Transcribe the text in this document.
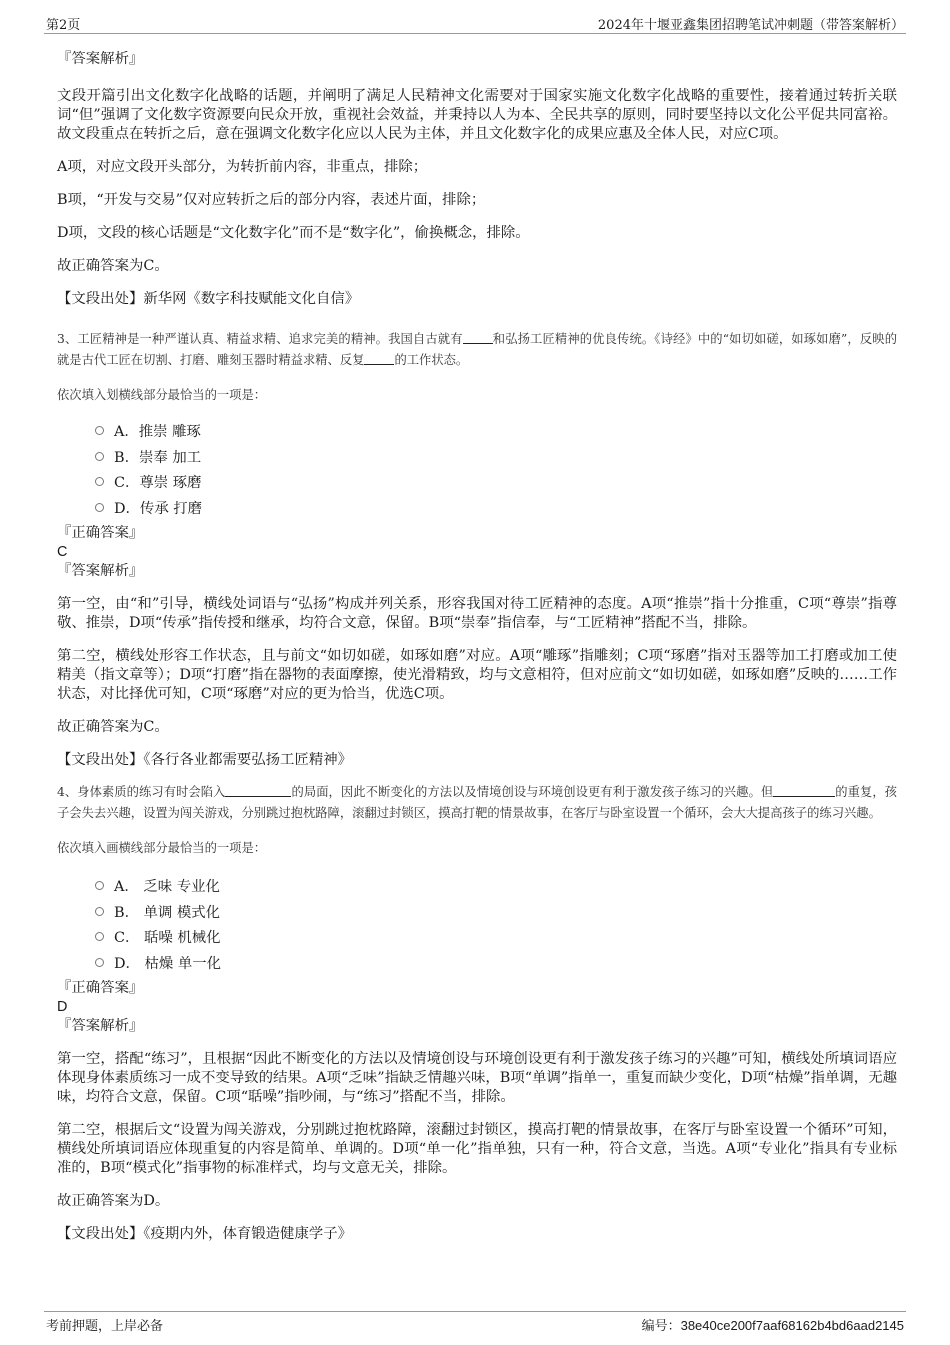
第2页	2024年十堰亚鑫集团招聘笔试冲刺题（带答案解析）
『答案解析』
文段开篇引出文化数字化战略的话题，并阐明了满足人民精神文化需要对于国家实施文化数字化战略的重要性，接着通过转折关联词“但”强调了文化数字资源要向民众开放，重视社会效益，并秉持以人为本、全民共享的原则，同时要坚持以文化公平促共同富裕。故文段重点在转折之后，意在强调文化数字化应以人民为主体，并且文化数字化的成果应惠及全体人民，对应C项。
A项，对应文段开头部分，为转折前内容，非重点，排除；
B项，“开发与交易”仅对应转折之后的部分内容，表述片面，排除；
D项，文段的核心话题是“文化数字化”而不是“数字化”，偷换概念，排除。
故正确答案为C。
【文段出处】新华网《数字科技赋能文化自信》
3、工匠精神是一种严谨认真、精益求精、追求完美的精神。我国自古就有 和弘扬工匠精神的优良传统。《诗经》中的“如切如磋，如琢如磨”，反映的就是古代工匠在切割、打磨、雕刻玉器时精益求精、反复 的工作状态。
依次填入划横线部分最恰当的一项是：
A．推崇 雕琢
B．崇奉 加工
C．尊崇 琢磨
D．传承 打磨
『正确答案』
C
『答案解析』
第一空，由“和”引导，横线处词语与“弘扬”构成并列关系，形容我国对待工匠精神的态度。A项“推崇”指十分推重，C项“尊崇”指尊敬、推崇，D项“传承”指传授和继承，均符合文意，保留。B项“崇奉”指信奉，与“工匠精神”搭配不当，排除。
第二空，横线处形容工作状态，且与前文“如切如磋，如琢如磨”对应。A项“雕琢”指雕刻；C项“琢磨”指对玉器等加工打磨或加工使精美（指文章等）；D项“打磨”指在器物的表面摩擦，使光滑精致，均与文意相符，但对应前文“如切如磋，如琢如磨”反映的……工作状态，对比择优可知，C项“琢磨”对应的更为恰当，优选C项。
故正确答案为C。
【文段出处】《各行各业都需要弘扬工匠精神》
4、身体素质的练习有时会陷入	的局面，因此不断变化的方法以及情境创设与环境创设更有利于激发孩子练习的兴趣。但	的重复，孩子会失去兴趣，设置为闯关游戏，分别跳过抱枕路障，滚翻过封锁区，摸高打靶的情景故事，在客厅与卧室设置一个循环，会大大提高孩子的练习兴趣。
依次填入画横线部分最恰当的一项是：
A． 乏味 专业化
B． 单调 模式化
C． 聒噪 机械化
D． 枯燥 单一化
『正确答案』
D
『答案解析』
第一空，搭配“练习”，且根据“因此不断变化的方法以及情境创设与环境创设更有利于激发孩子练习的兴趣”可知，横线处所填词语应体现身体素质练习一成不变导致的结果。A项“乏味”指缺乏情趣兴味，B项“单调”指单一，重复而缺少变化，D项“枯燥”指单调，无趣味，均符合文意，保留。C项“聒噪”指吵闹，与“练习”搭配不当，排除。
第二空，根据后文“设置为闯关游戏，分别跳过抱枕路障，滚翻过封锁区，摸高打靶的情景故事，在客厅与卧室设置一个循环”可知，横线处所填词语应体现重复的内容是简单、单调的。D项“单一化”指单独，只有一种，符合文意，当选。A项“专业化”指具有专业标准的，B项“模式化”指事物的标准样式，均与文意无关，排除。
故正确答案为D。
【文段出处】《疫期内外，体育锻造健康学子》
考前押题，上岸必备	编号：38e40ce200f7aaf68162b4bd6aad2145
